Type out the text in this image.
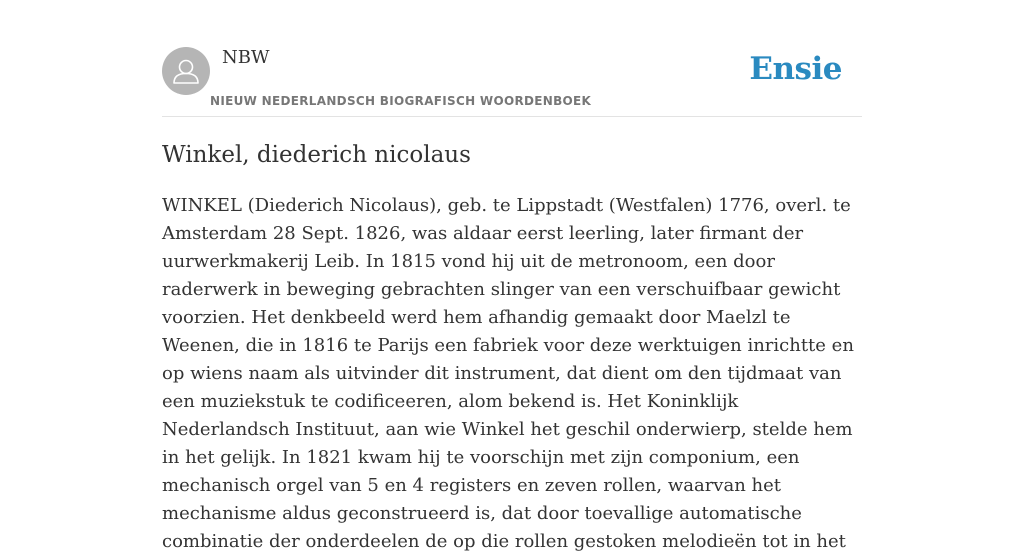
NBW
NIEUW NEDERLANDSCH BIOGRAFISCH WOORDENBOEK
Ensie
Winkel, diederich nicolaus

WINKEL (Diederich Nicolaus), geb. te Lippstadt (Westfalen) 1776, overl. te Amsterdam 28 Sept. 1826, was aldaar eerst leerling, later firmant der uurwerkmakerij Leib. In 1815 vond hij uit de metronoom, een door raderwerk in beweging gebrachten slinger van een verschuifbaar gewicht voorzien. Het denkbeeld werd hem afhandig gemaakt door Maelzl te Weenen, die in 1816 te Parijs een fabriek voor deze werktuigen inrichtte en op wiens naam als uitvinder dit instrument, dat dient om den tijdmaat van een muziekstuk te codificeeren, alom bekend is. Het Koninklijk Nederlandsch Instituut, aan wie Winkel het geschil onderwierp, stelde hem in het gelijk. In 1821 kwam hij te voorschijn met zijn componium, een mechanisch orgel van 5 en 4 registers en zeven rollen, waarvan het mechanisme aldus geconstrueerd is, dat door toevallige automatische combinatie der onderdeelen de op die rollen gestoken melodieën tot in het
